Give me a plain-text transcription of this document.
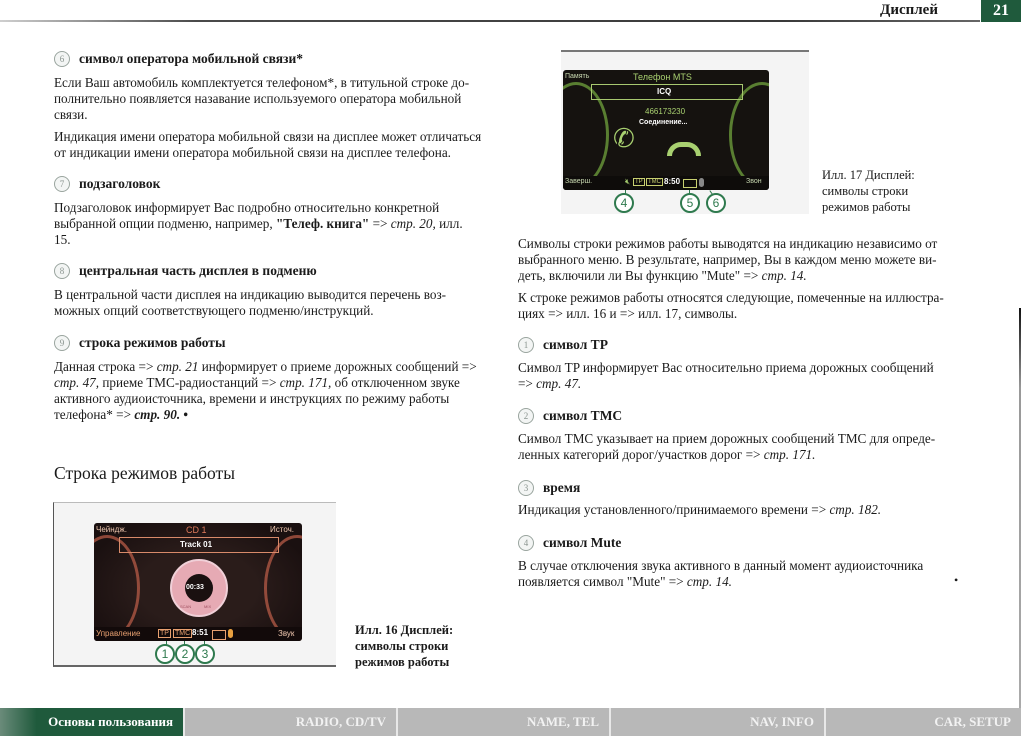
Дисплей	21
6	символ оператора мобильной связи*

Если Ваш автомобиль комплектуется телефоном*, в титульной строке до-полнительно появляется назавание используемого оператора мобильной связи.

Индикация имени оператора мобильной связи на дисплее может отличаться от индикации имени оператора мобильной связи на дисплее телефона.

7	подзаголовок

Подзаголовок информирует Вас подробно относительно конкретной выбранной опции подменю, например, "Телеф. книга" => стр. 20, илл. 15.

8	центральная часть дисплея в подменю

В центральной части дисплея на индикацию выводится перечень воз-можных опций соответствующего подменю/инструкций.

9	строка режимов работы

Данная строка => стр. 21 информирует о приеме дорожных сообщений => стр. 47, приеме ТМС-радиостанций => стр. 171, об отключенном звуке активного аудиоисточника, времени и инструкциях по режиму работы телефона* => стр. 90. •

Строка режимов работы
Чейндж.	CD 1	Источ.
Track 01
00:33
SCAN	MIX
Управление	TP TMC 8:51	Звук
1	2	3
Илл. 16 Дисплей:
символы строки
режимов работы
Память	Телефон MTS
ICQ
466173230
Соединение...
✆
Заверш.	🔇︎ TP TMC 8:50	Звон
4	5	6
Илл. 17 Дисплей:
символы строки
режимов работы

Символы строки режимов работы выводятся на индикацию независимо от выбранного меню. В результате, например, Вы в каждом меню можете ви-деть, включили ли Вы функцию "Mute" => стр. 14.

К строке режимов работы относятся следующие, помеченные на иллюстра-циях => илл. 16 и => илл. 17, символы.

1	символ TP

Символ TP информирует Вас относительно приема дорожных сообщений => стр. 47.

2	символ TMC

Символ TMC указывает на прием дорожных сообщений TMC для опреде-ленных категорий дорог/участков дорог => стр. 171.

3	время

Индикация установленного/принимаемого времени => стр. 182.

4	символ Mute

В случае отключения звука активного в данный момент аудиоисточника появляется символ "Mute" => стр. 14.	•
Основы пользования	RADIO, CD/TV	NAME, TEL	NAV, INFO	CAR, SETUP
